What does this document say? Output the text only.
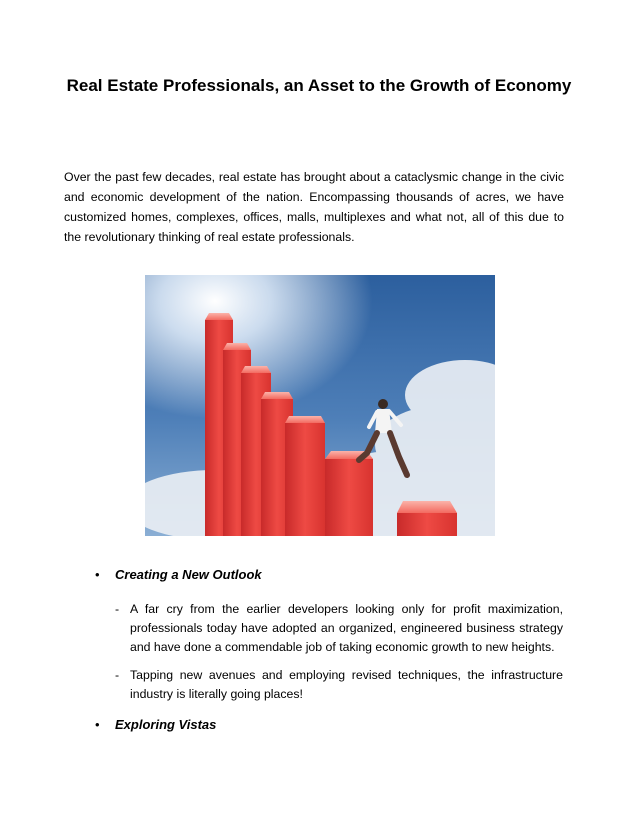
Real Estate Professionals, an Asset to the Growth of Economy

Over the past few decades, real estate has brought about a cataclysmic change in the civic and economic development of the nation. Encompassing thousands of acres, we have customized homes, complexes, offices, malls, multiplexes and what not, all of this due to the revolutionary thinking of real estate professionals.

• Creating a New Outlook
- A far cry from the earlier developers looking only for profit maximization, professionals today have adopted an organized, engineered business strategy and have done a commendable job of taking economic growth to new heights.
- Tapping new avenues and employing revised techniques, the infrastructure industry is literally going places!
• Exploring Vistas
